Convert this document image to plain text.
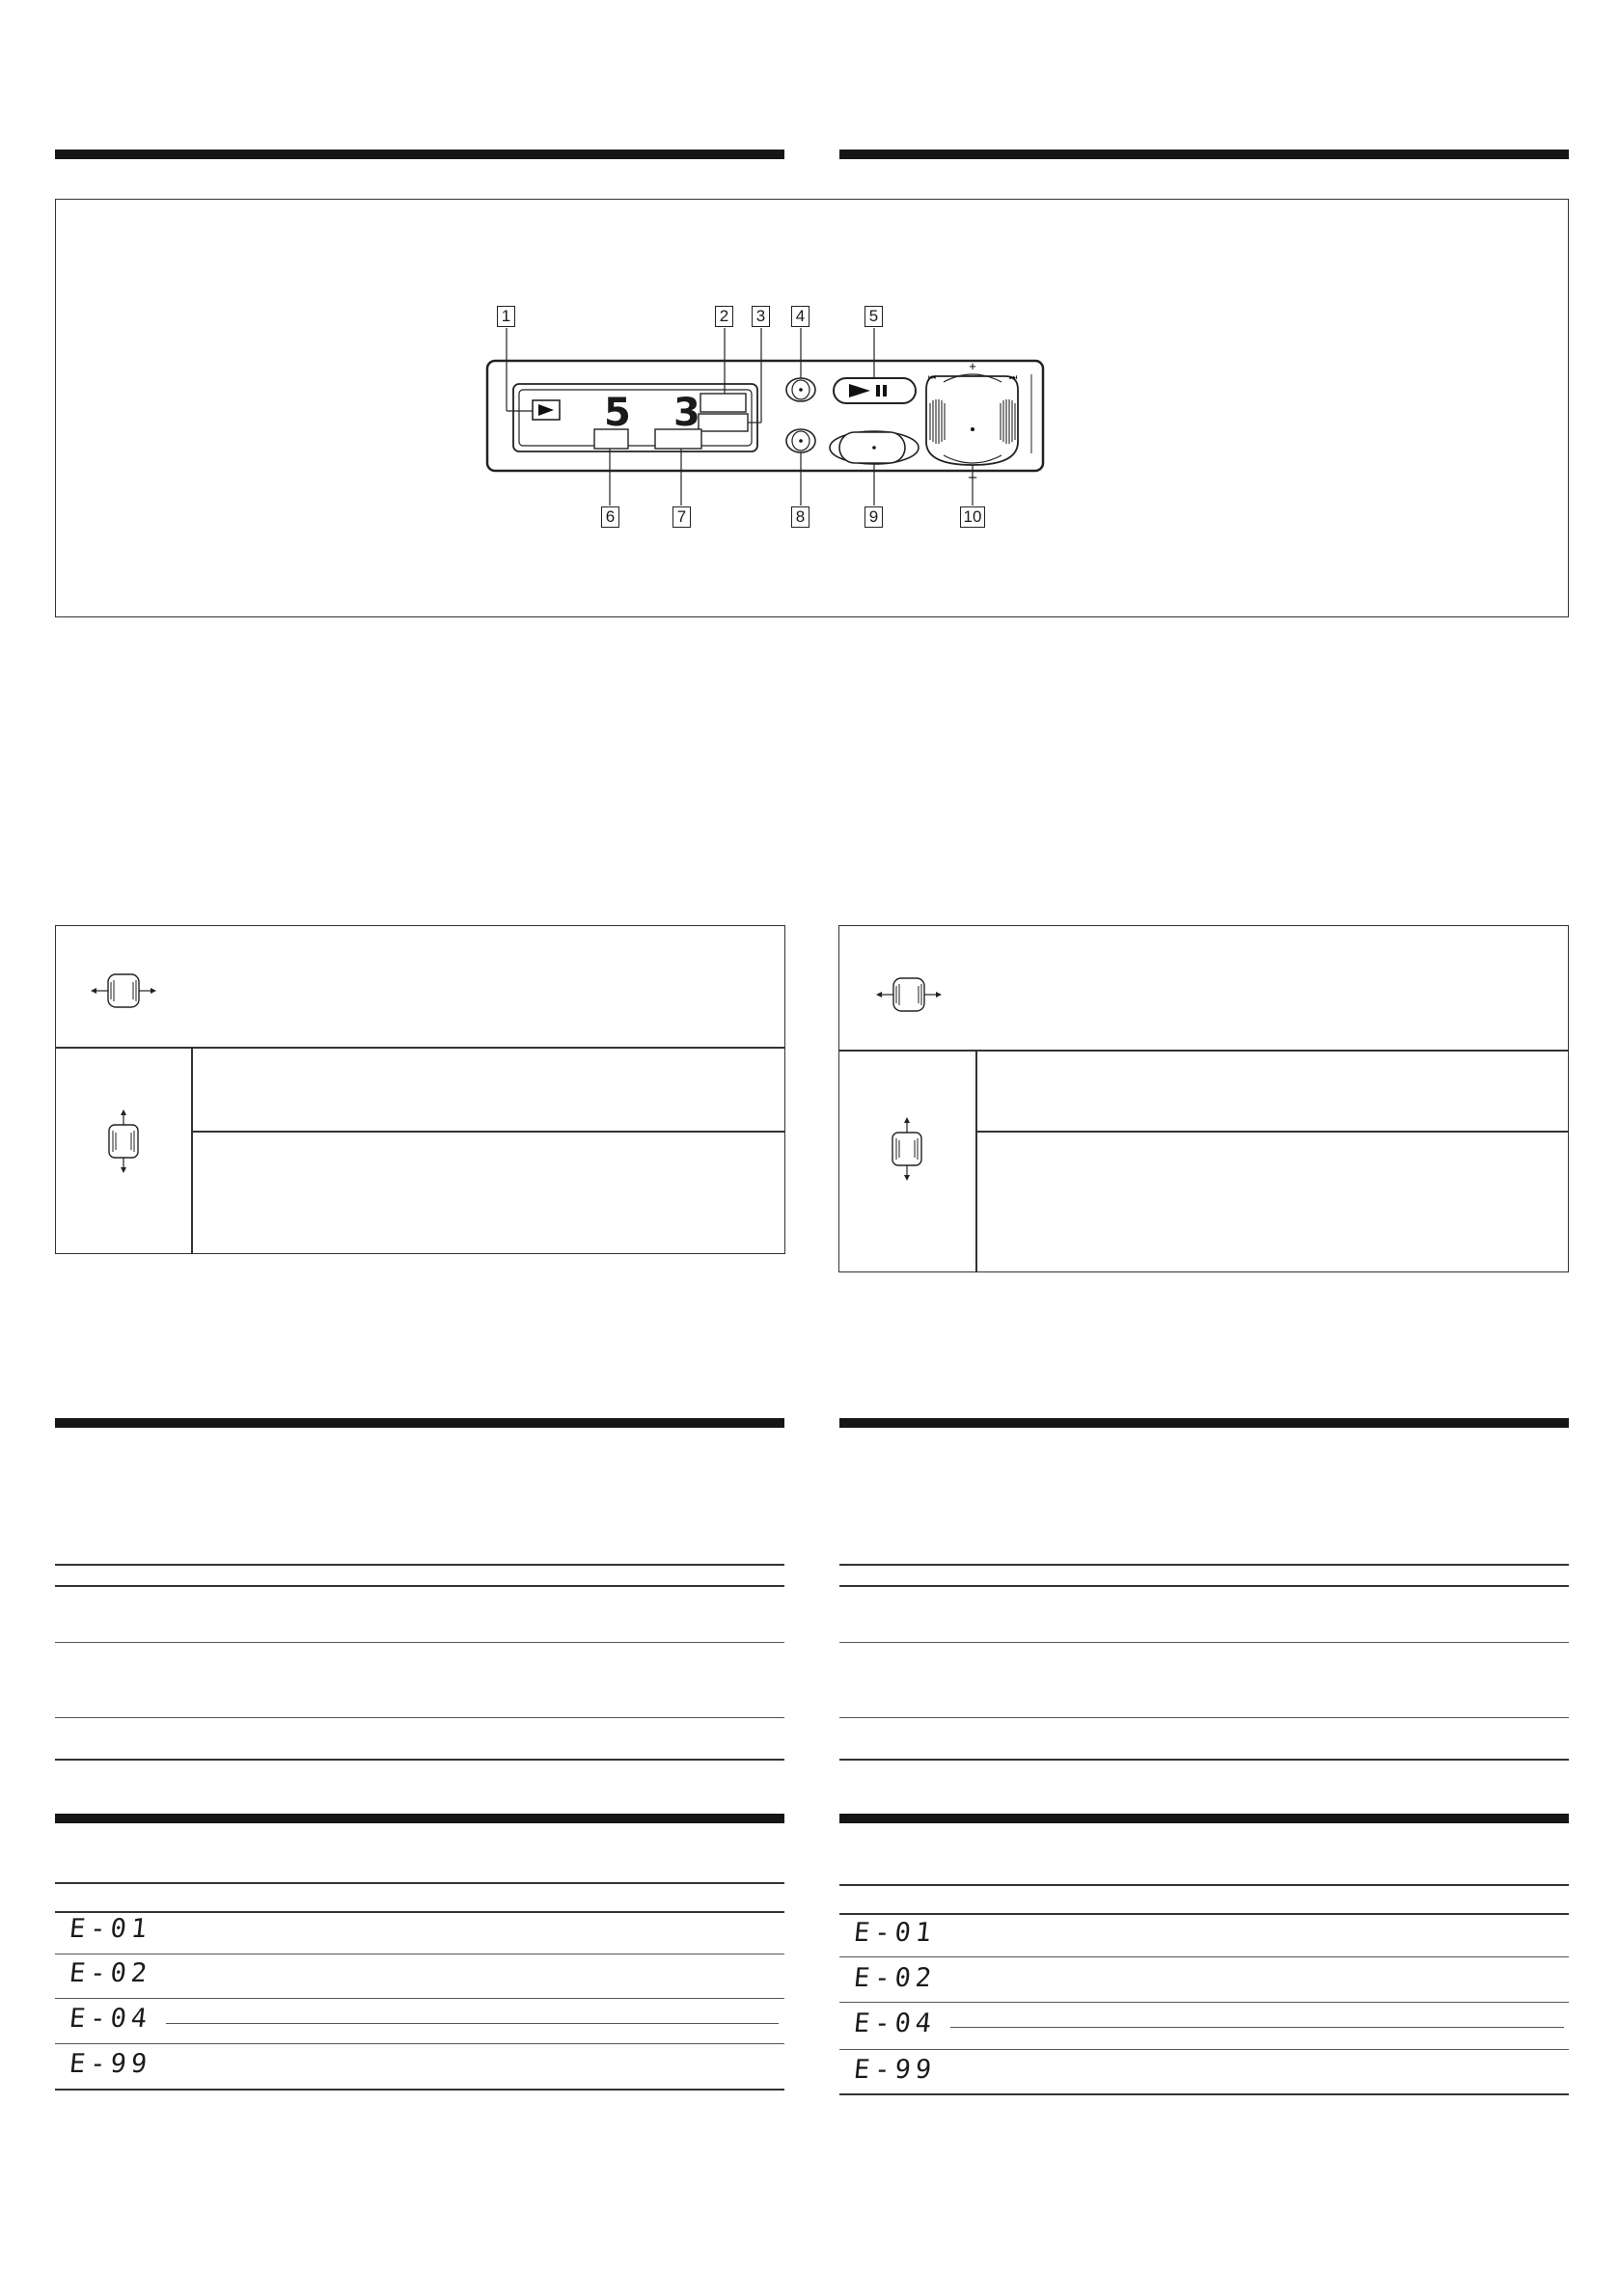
1	2 3 4	5
6	7	8	9	10
+
–
⏮	⏭
5 3
E-01
E-02
E-04
E-99
E-01
E-02
E-04
E-99
